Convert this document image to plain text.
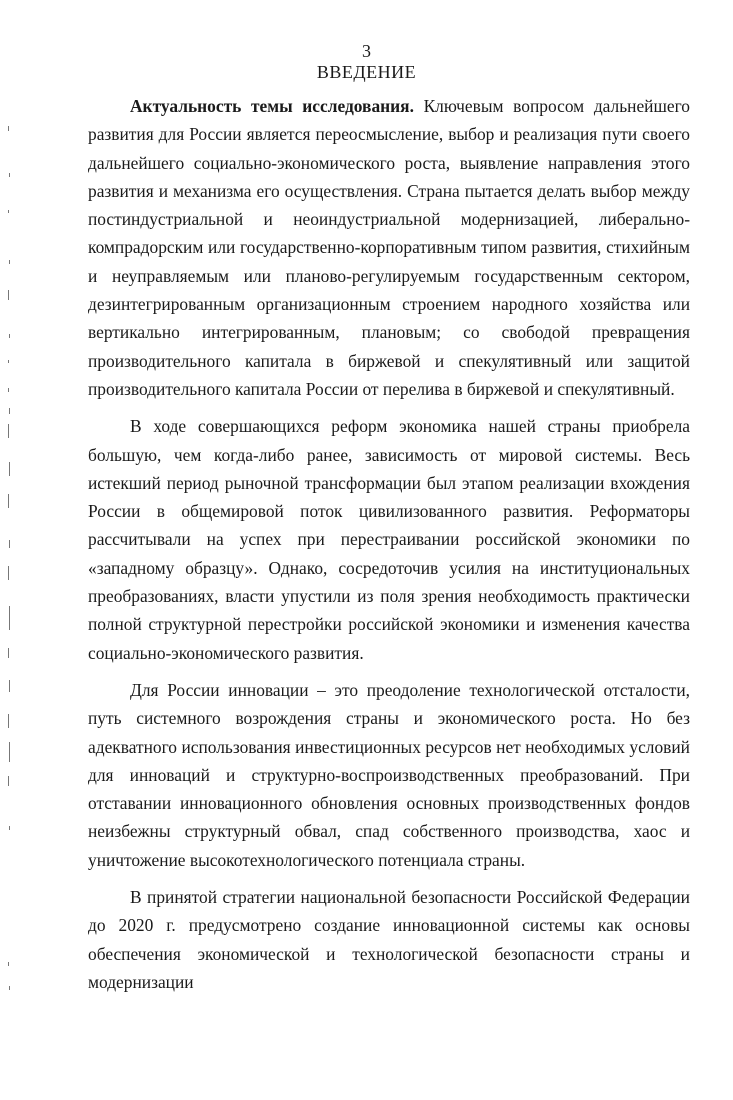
3
ВВЕДЕНИЕ

Актуальность темы исследования. Ключевым вопросом дальнейшего развития для России является переосмысление, выбор и реализация пути своего дальнейшего социально-экономического роста, выявление направления этого развития и механизма его осуществления. Страна пытается делать выбор между постиндустриальной и неоиндустриальной модернизацией, либерально-компрадорским или государственно-корпоративным типом развития, стихийным и неуправляемым или планово-регулируемым государственным сектором, дезинтегрированным организационным строением народного хозяйства или вертикально интегрированным, плановым; со свободой превращения производительного капитала в биржевой и спекулятивный или защитой производительного капитала России от перелива в биржевой и спекулятивный.

В ходе совершающихся реформ экономика нашей страны приобрела большую, чем когда-либо ранее, зависимость от мировой системы. Весь истекший период рыночной трансформации был этапом реализации вхождения России в общемировой поток цивилизованного развития. Реформаторы рассчитывали на успех при перестраивании российской экономики по «западному образцу». Однако, сосредоточив усилия на институциональных преобразованиях, власти упустили из поля зрения необходимость практически полной структурной перестройки российской экономики и изменения качества социально-экономического развития.

Для России инновации – это преодоление технологической отсталости, путь системного возрождения страны и экономического роста. Но без адекватного использования инвестиционных ресурсов нет необходимых условий для инноваций и структурно-воспроизводственных преобразований. При отставании инновационного обновления основных производственных фондов неизбежны структурный обвал, спад собственного производства, хаос и уничтожение высокотехнологического потенциала страны.

В принятой стратегии национальной безопасности Российской Федерации до 2020 г. предусмотрено создание инновационной системы как основы обеспечения экономической и технологической безопасности страны и модернизации
